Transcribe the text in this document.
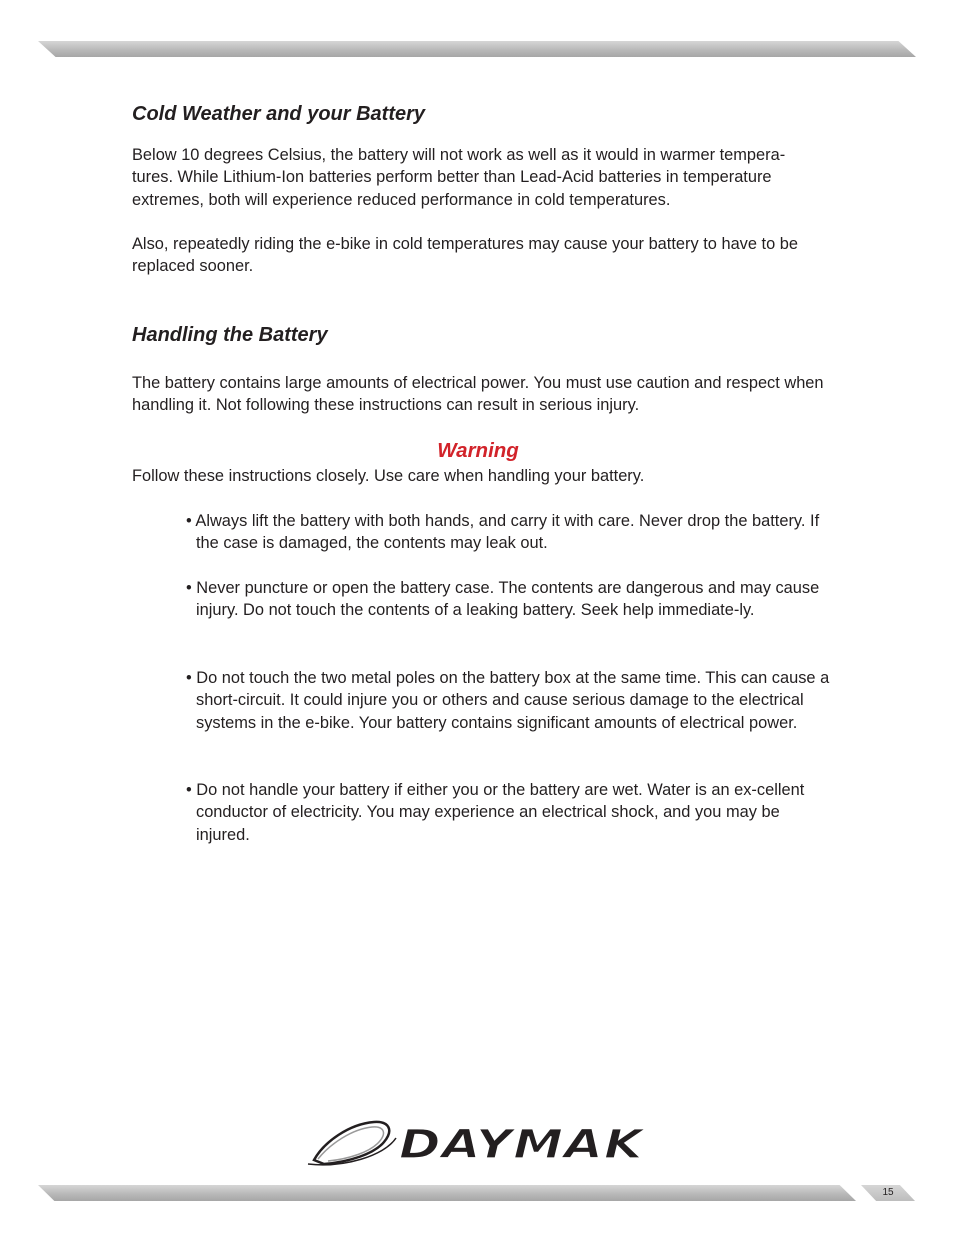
Cold Weather and your Battery

Below 10 degrees Celsius, the battery will not work as well as it would in warmer tempera-tures. While Lithium-Ion batteries perform better than Lead-Acid batteries in temperature extremes, both will experience reduced performance in cold temperatures.

Also, repeatedly riding the e-bike in cold temperatures may cause your battery to have to be replaced sooner.

Handling the Battery

The battery contains large amounts of electrical power. You must use caution and respect when handling it. Not following these instructions can result in serious injury.

Warning

Follow these instructions closely. Use care when handling your battery.

• Always lift the battery with both hands, and carry it with care. Never drop the battery. If the case is damaged, the contents may leak out.
• Never puncture or open the battery case. The contents are dangerous and may cause injury. Do not touch the contents of a leaking battery. Seek help immediate-ly.
• Do not touch the two metal poles on the battery box at the same time. This can cause a short-circuit. It could injure you or others and cause serious damage to the electrical systems in the e-bike. Your battery contains significant amounts of electrical power.
• Do not handle your battery if either you or the battery are wet. Water is an ex-cellent conductor of electricity. You may experience an electrical shock, and you may be injured.
DAYMAK
15
